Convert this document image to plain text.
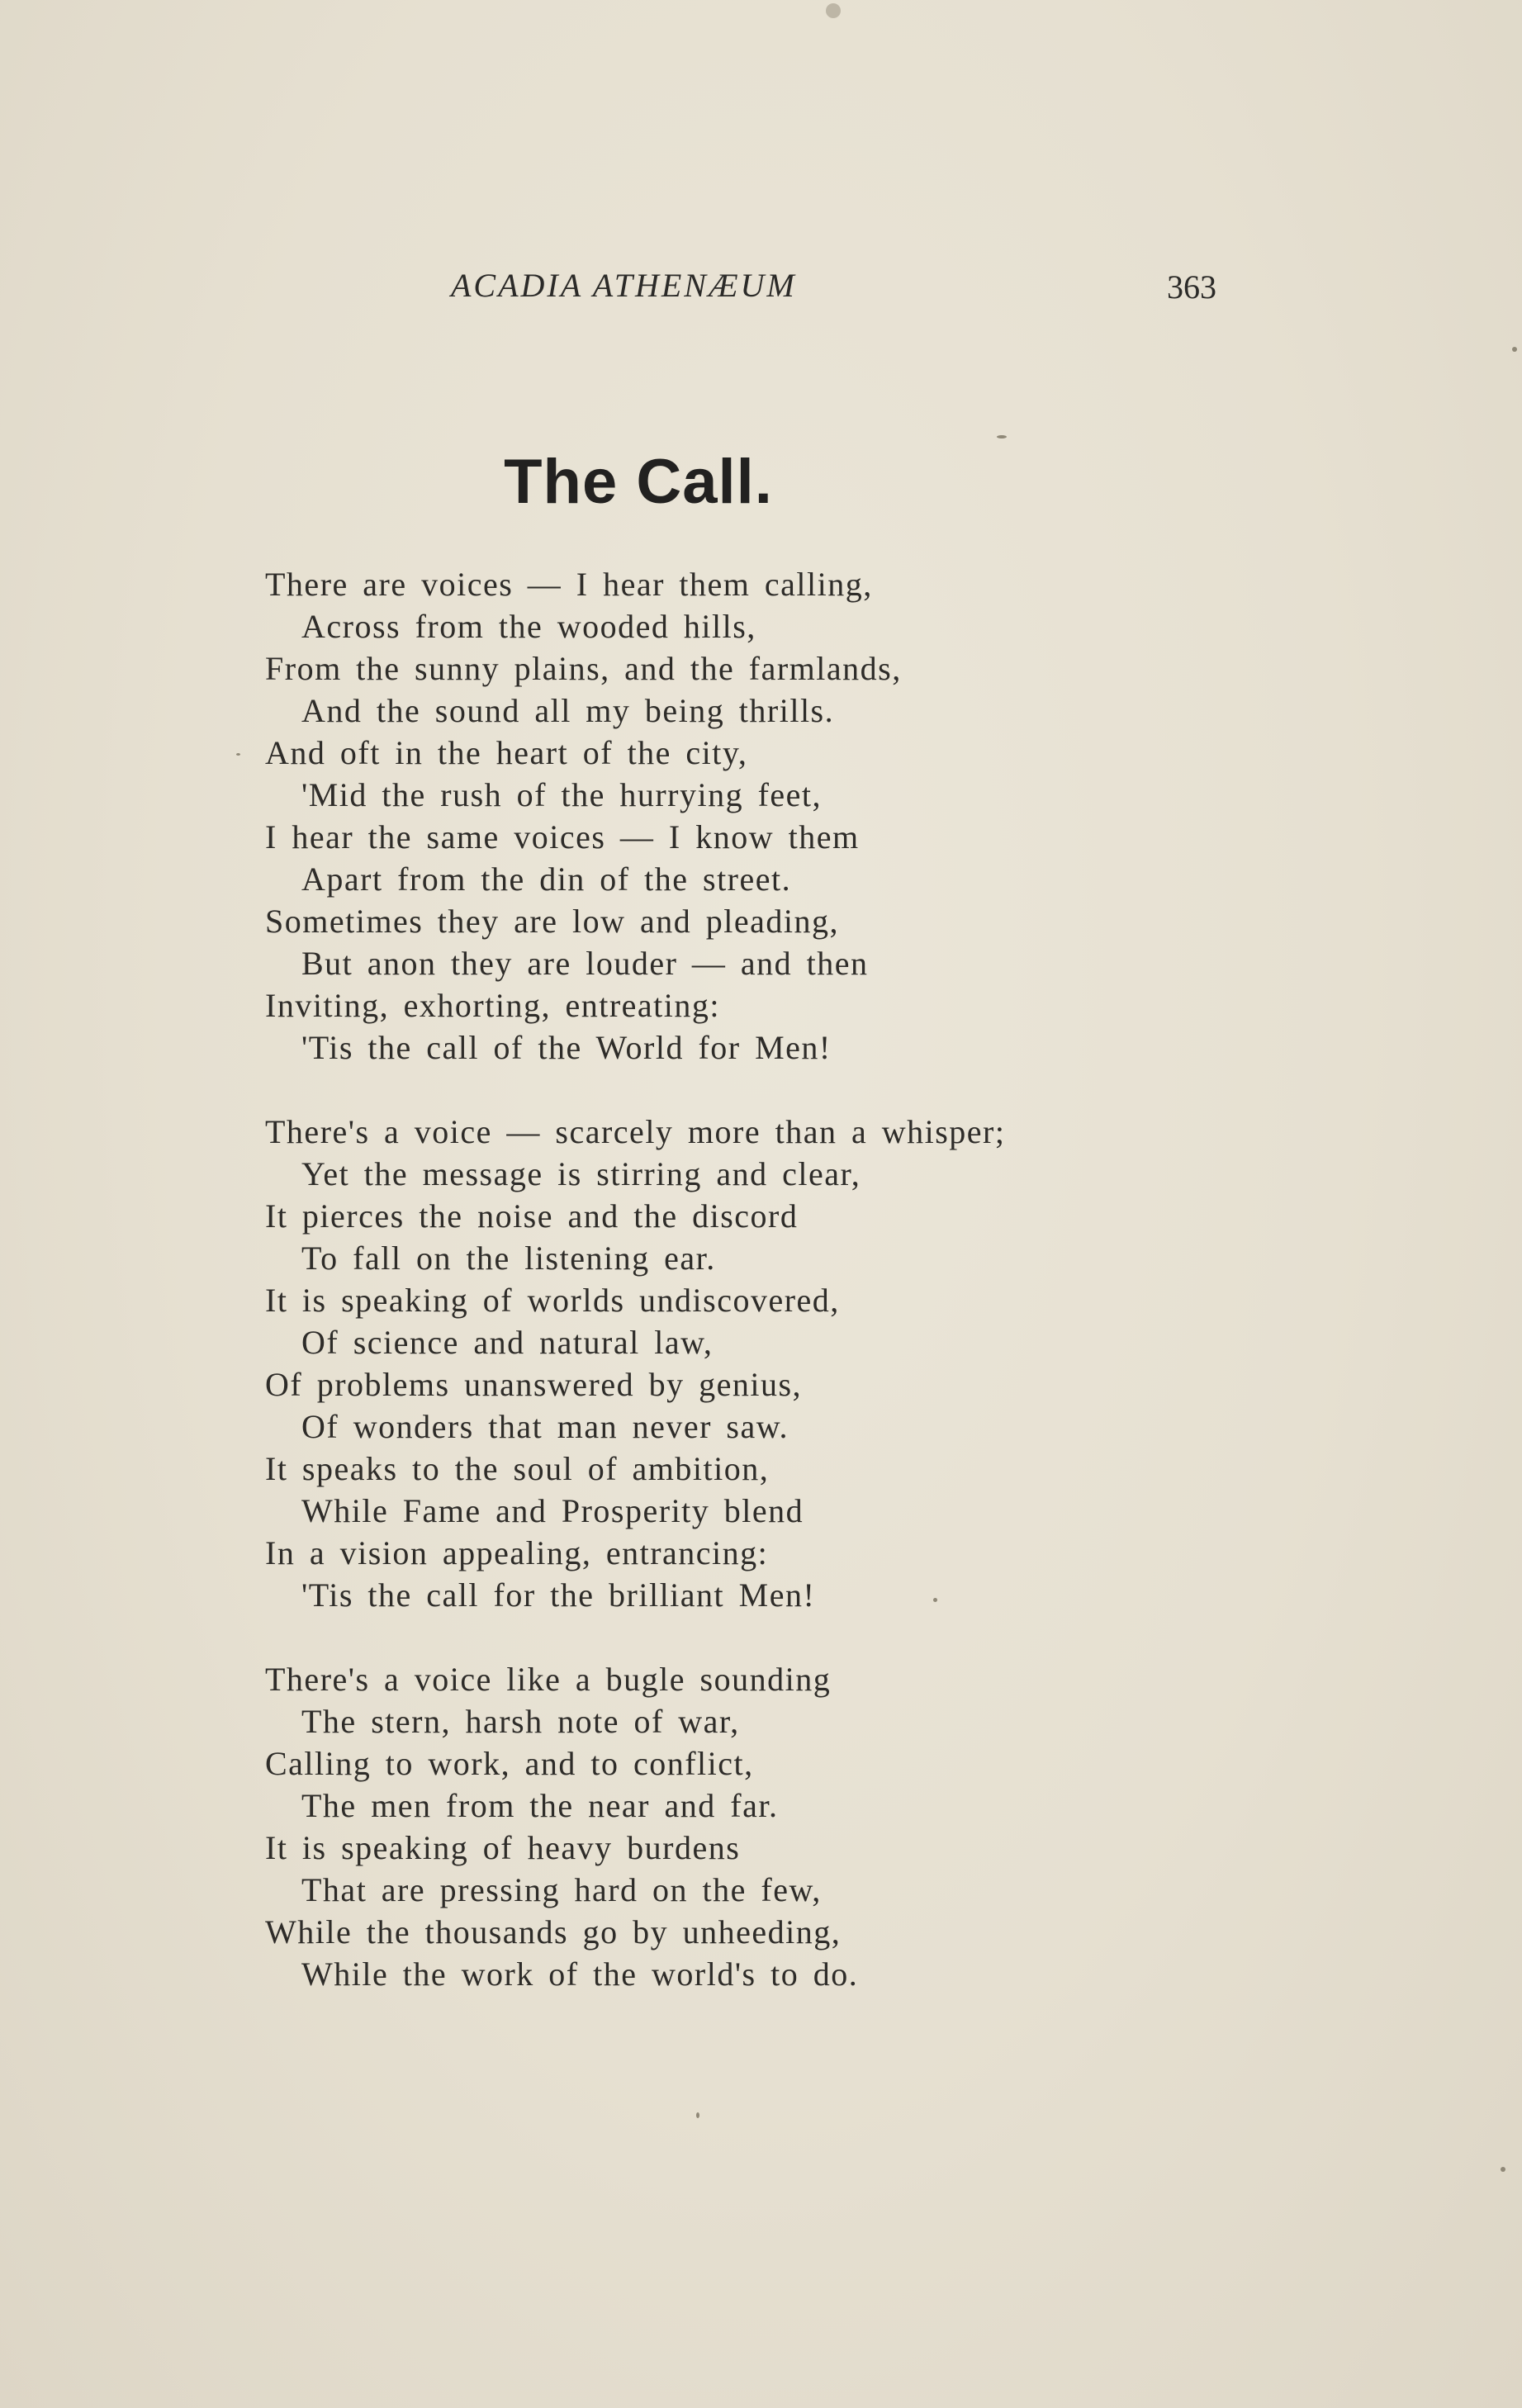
ACADIA ATHENÆUM	363
The Call.
There are voices — I hear them calling,
Across from the wooded hills,
From the sunny plains, and the farmlands,
And the sound all my being thrills.
And oft in the heart of the city,
'Mid the rush of the hurrying feet,
I hear the same voices — I know them
Apart from the din of the street.
Sometimes they are low and pleading,
But anon they are louder — and then
Inviting, exhorting, entreating:
'Tis the call of the World for Men!
There's a voice — scarcely more than a whisper;
Yet the message is stirring and clear,
It pierces the noise and the discord
To fall on the listening ear.
It is speaking of worlds undiscovered,
Of science and natural law,
Of problems unanswered by genius,
Of wonders that man never saw.
It speaks to the soul of ambition,
While Fame and Prosperity blend
In a vision appealing, entrancing:
'Tis the call for the brilliant Men!
There's a voice like a bugle sounding
The stern, harsh note of war,
Calling to work, and to conflict,
The men from the near and far.
It is speaking of heavy burdens
That are pressing hard on the few,
While the thousands go by unheeding,
While the work of the world's to do.
